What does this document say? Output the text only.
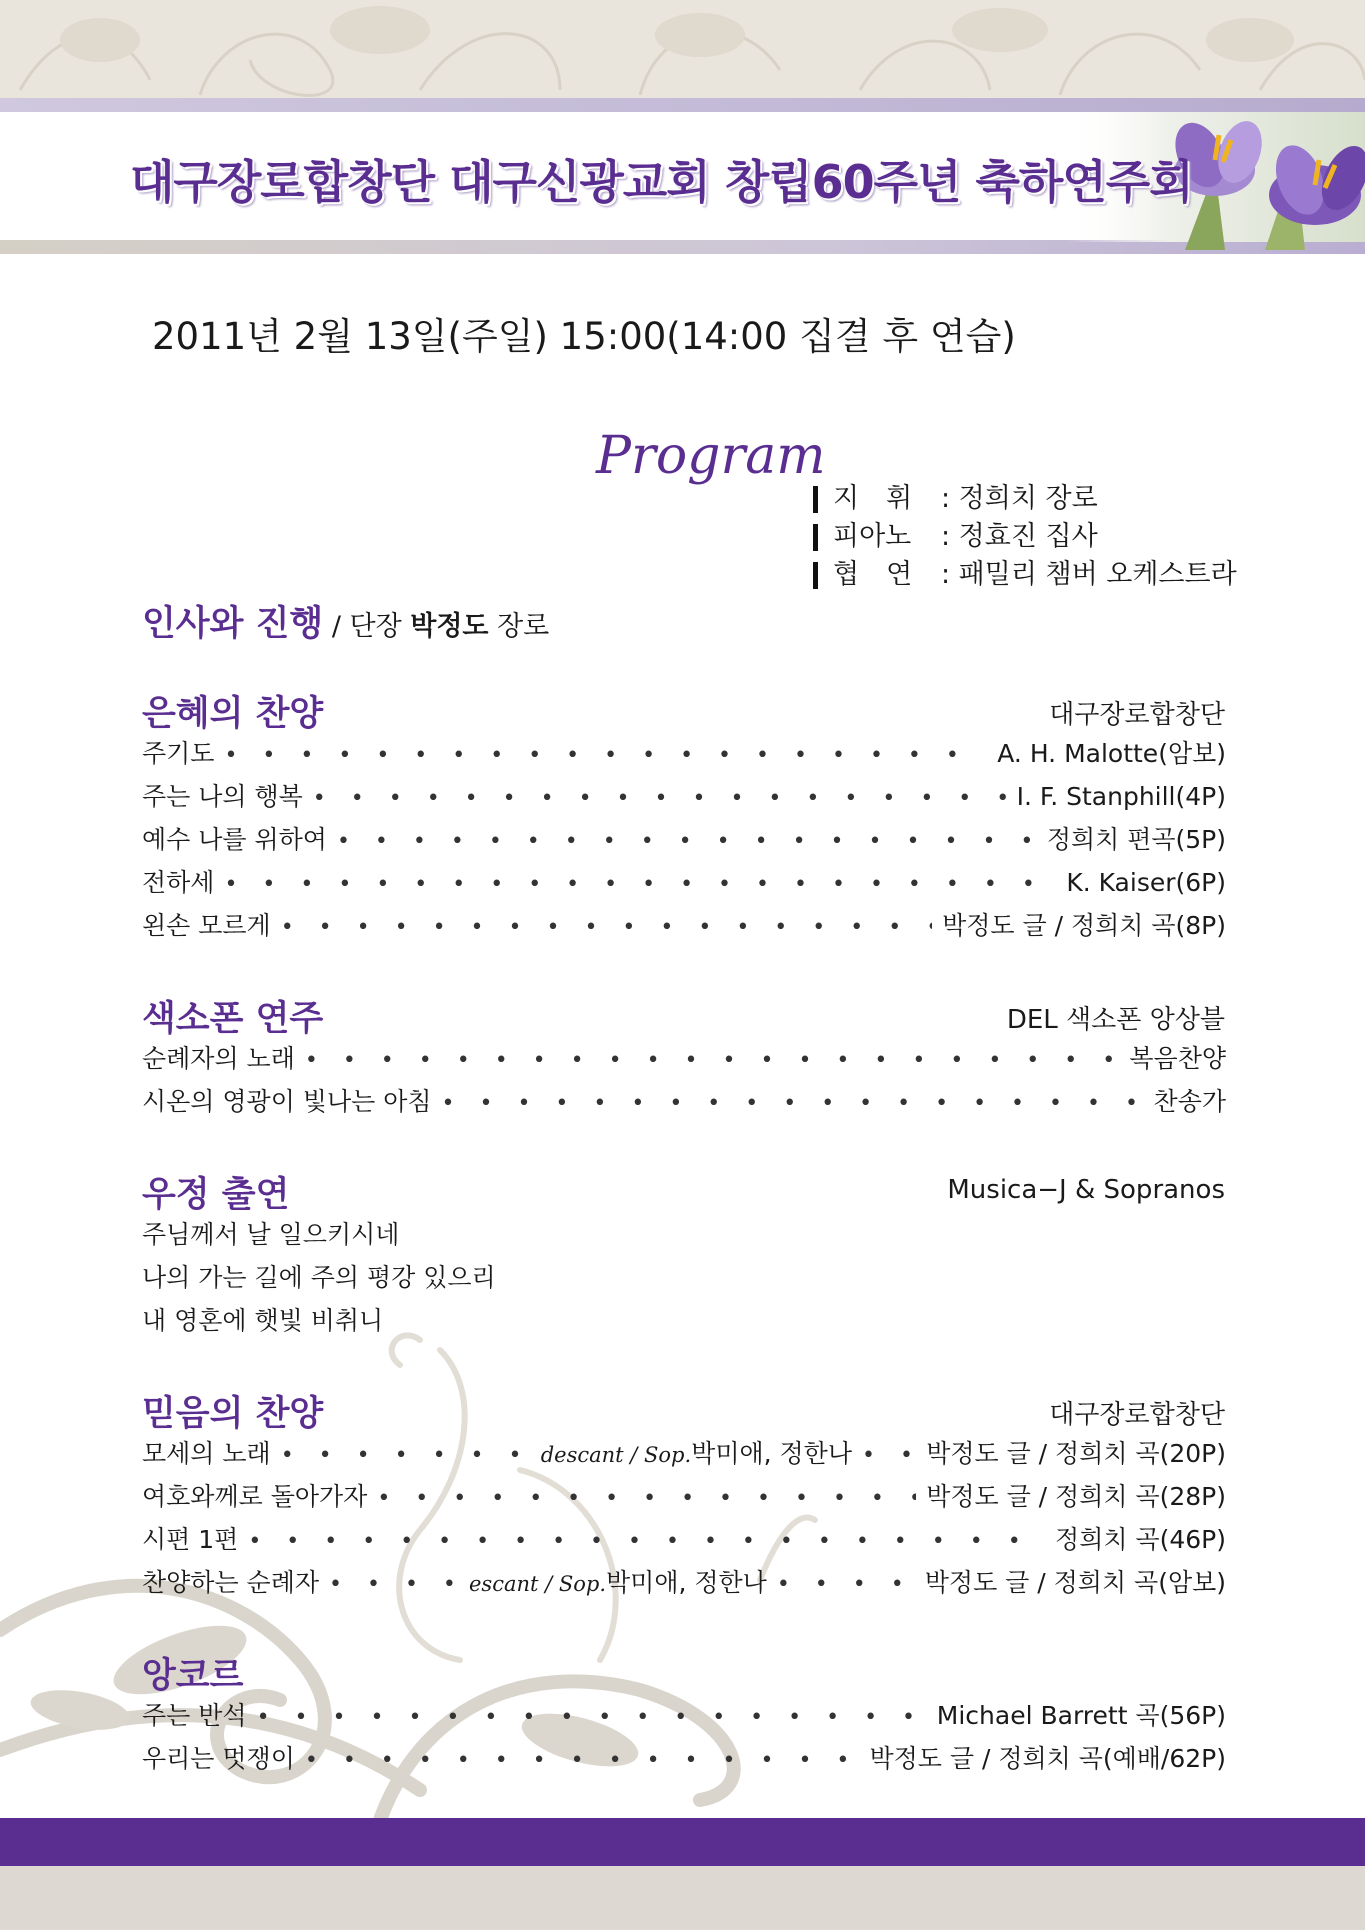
대구장로합창단 대구신광교회 창립60주년 축하연주회
2011년 2월 13일(주일) 15:00(14:00 집결 후 연습)
Program
지　휘 : 정희치 장로
피아노 : 정효진 집사
협　연 : 패밀리 챔버 오케스트라
인사와 진행 / 단장 박정도 장로
은혜의 찬양	대구장로합창단
주기도 • • •	A. H. Malotte(암보)
주는 나의 행복 • • •	I. F. Stanphill(4P)
예수 나를 위하여 • • •	정희치 편곡(5P)
전하세 • • •	K. Kaiser(6P)
왼손 모르게 • • •	박정도 글 / 정희치 곡(8P)
색소폰 연주	DEL 색소폰 앙상블
순례자의 노래 • • •	복음찬양
시온의 영광이 빛나는 아침 • • •	찬송가
우정 출연	Musica−J & Sopranos
주님께서 날 일으키시네
나의 가는 길에 주의 평강 있으리
내 영혼에 햇빛 비취니
믿음의 찬양	대구장로합창단
모세의 노래 • • •	descant / Sop. 박미애, 정한나 • • •	박정도 글 / 정희치 곡(20P)
여호와께로 돌아가자 • • •	박정도 글 / 정희치 곡(28P)
시편 1편 • • •	정희치 곡(46P)
찬양하는 순례자 • • •	escant / Sop. 박미애, 정한나 • • •	박정도 글 / 정희치 곡(암보)
앙코르
주는 반석 • • •	Michael Barrett 곡(56P)
우리는 멋쟁이 • • •	박정도 글 / 정희치 곡(예배/62P)
